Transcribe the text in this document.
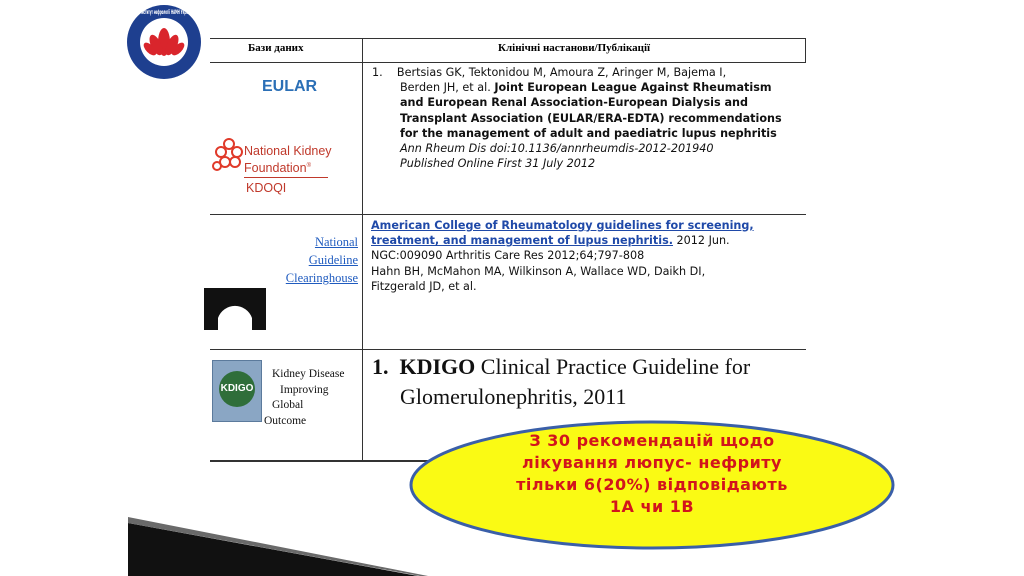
ДУ «Інститут нефрології НАМН України»
Бази даних	Клінічні настанови/Публікації
EULAR
National Kidney
Foundation®
KDOQI
1. Bertsias GK, Tektonidou M, Amoura Z, Aringer M, Bajema I,
Berden JH, et al. Joint European League Against Rheumatism
and European Renal Association-European Dialysis and
Transplant Association (EULAR/ERA-EDTA) recommendations
for the management of adult and paediatric lupus nephritis
Ann Rheum Dis doi:10.1136/annrheumdis-2012-201940
Published Online First 31 July 2012
National
Guideline
Clearinghouse
American College of Rheumatology guidelines for screening,
treatment, and management of lupus nephritis. 2012 Jun.
NGC:009090 Arthritis Care Res 2012;64;797-808
Hahn BH, McMahon MA, Wilkinson A, Wallace WD, Daikh DI,
Fitzgerald JD, et al.
KDIGO
Kidney Disease
Improving
Global
Outcome
1. KDIGO Clinical Practice Guideline for
Glomerulonephritis, 2011
З 30 рекомендацій щодо
лікування люпус- нефриту
тільки 6(20%) відповідають
1А чи 1В
